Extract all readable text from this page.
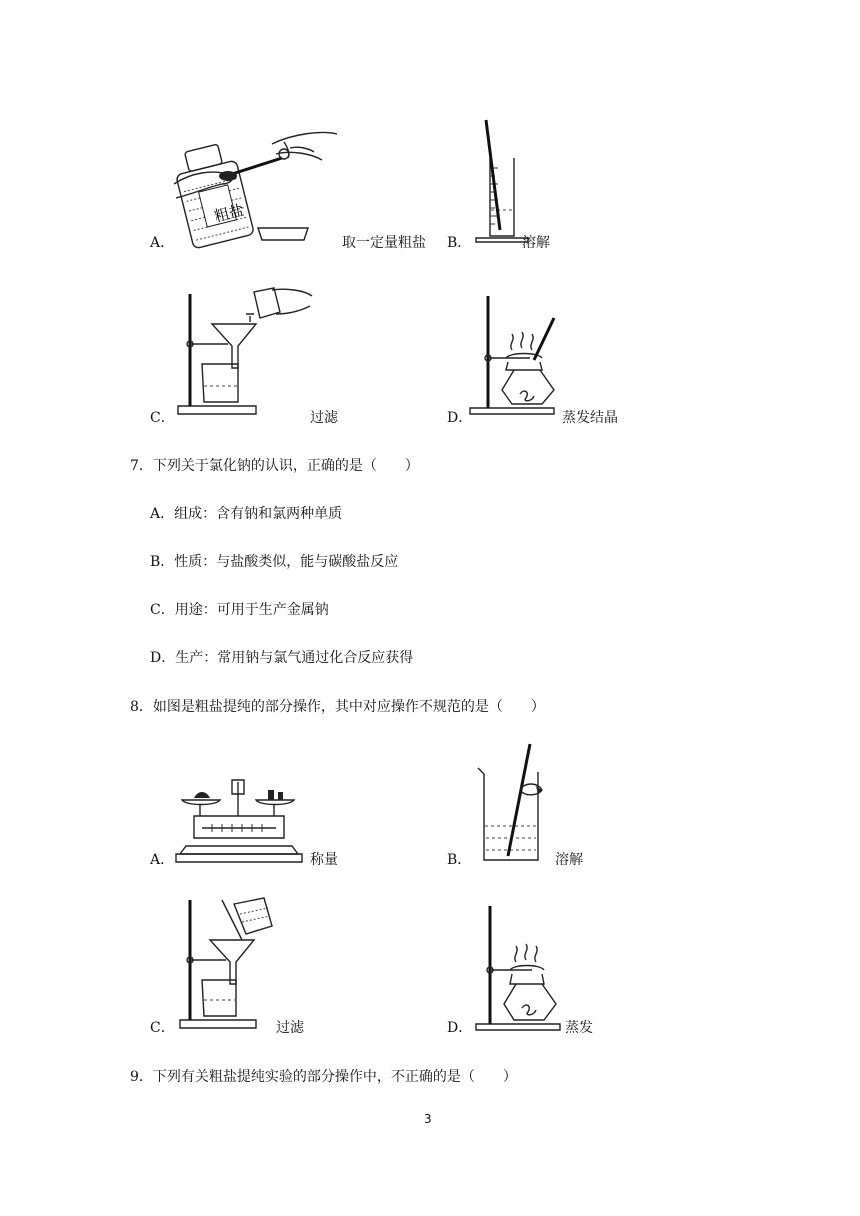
A．
粗盐
取一定量粗盐 B．	溶解
C．	过滤	D．	蒸发结晶
7．下列关于氯化钠的认识，正确的是（　　）
A．组成：含有钠和氯两种单质
B．性质：与盐酸类似，能与碳酸盐反应
C．用途：可用于生产金属钠
D．生产：常用钠与氯气通过化合反应获得
8．如图是粗盐提纯的部分操作，其中对应操作不规范的是（　　）
A．	称量	B．	溶解
C．	过滤	D．	蒸发
9．下列有关粗盐提纯实验的部分操作中，不正确的是（　　）
3
